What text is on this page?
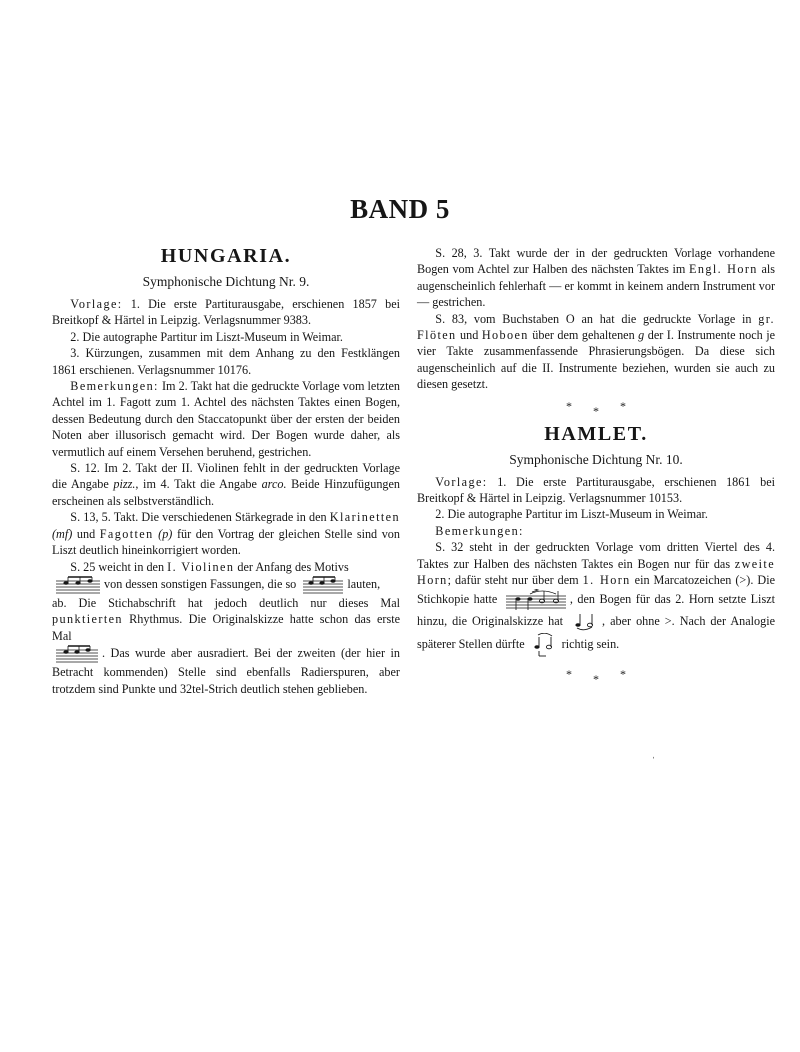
BAND 5
HUNGARIA.
Symphonische Dichtung Nr. 9.

Vorlage: 1. Die erste Partiturausgabe, erschienen 1857 bei Breitkopf & Härtel in Leipzig. Verlagsnummer 9383.

2. Die autographe Partitur im Liszt-Museum in Weimar.

3. Kürzungen, zusammen mit dem Anhang zu den Festklängen 1861 erschienen. Verlagsnummer 10176.

Bemerkungen: Im 2. Takt hat die gedruckte Vorlage vom letzten Achtel im 1. Fagott zum 1. Achtel des nächsten Taktes einen Bogen, dessen Bedeutung durch den Staccatopunkt über der ersten der beiden Noten aber illusorisch gemacht wird. Der Bogen wurde daher, als vermutlich auf einem Versehen beruhend, gestrichen.

S. 12. Im 2. Takt der II. Violinen fehlt in der gedruckten Vorlage die Angabe pizz., im 4. Takt die Angabe arco. Beide Hinzufügungen erscheinen als selbstverständlich.

S. 13, 5. Takt. Die verschiedenen Stärkegrade in den Klarinetten (mf) und Fagotten (p) für den Vortrag der gleichen Stelle sind von Liszt deutlich hineinkorrigiert worden.

S. 25 weicht in den I. Violinen der Anfang des Motivs

von dessen sonstigen Fassungen, die so	lauten,

ab. Die Stichabschrift hat jedoch deutlich nur dieses Mal punktierten Rhythmus. Die Originalskizze hatte schon das erste Mal

. Das wurde aber ausradiert. Bei der zweiten (der hier in Betracht kommenden) Stelle sind ebenfalls Radierspuren, aber trotzdem sind Punkte und 32tel-Strich deutlich stehen geblieben.

S. 28, 3. Takt wurde der in der gedruckten Vorlage vorhandene Bogen vom Achtel zur Halben des nächsten Taktes im Engl. Horn als augenscheinlich fehlerhaft — er kommt in keinem andern Instrument vor — gestrichen.

S. 83, vom Buchstaben O an hat die gedruckte Vorlage in gr. Flöten und Hoboen über dem gehaltenen g der I. Instrumente noch je vier Takte zusammenfassende Phrasierungsbögen. Da diese sich augenscheinlich auf die II. Instrumente beziehen, wurden sie auch zu diesen gesetzt.

* * *
HAMLET.
Symphonische Dichtung Nr. 10.

Vorlage: 1. Die erste Partiturausgabe, erschienen 1861 bei Breitkopf & Härtel in Leipzig. Verlagsnummer 10153.

2. Die autographe Partitur im Liszt-Museum in Weimar.

Bemerkungen:

S. 32 steht in der gedruckten Vorlage vom dritten Viertel des 4. Taktes zur Halben des nächsten Taktes ein Bogen nur für das zweite Horn; dafür steht nur über dem 1. Horn ein Marcatozeichen (>). Die Stichkopie hatte	, den Bogen für das 2. Horn setzte Liszt hinzu, die Originalskizze hat	, aber ohne >. Nach der Analogie späterer Stellen dürfte	richtig sein.

* * *
ˌ
